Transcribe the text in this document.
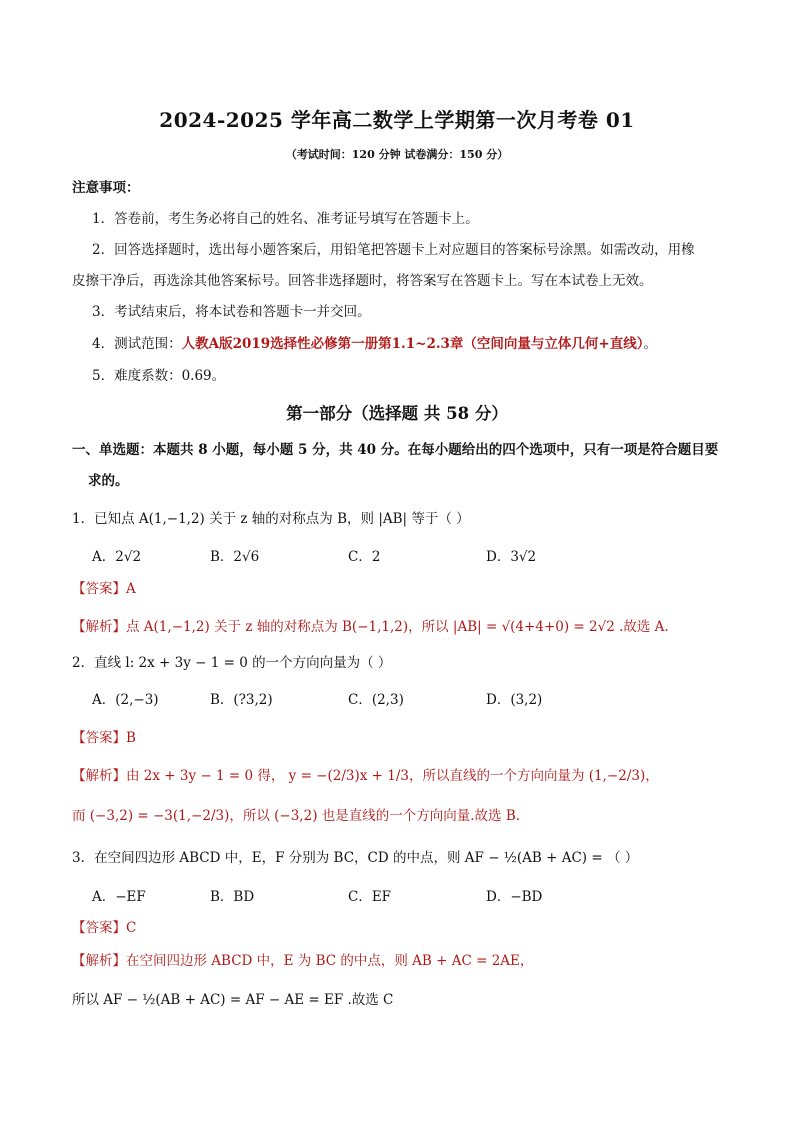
2024-2025 学年高二数学上学期第一次月考卷 01
（考试时间：120 分钟 试卷满分：150 分）
注意事项：
1．答卷前，考生务必将自己的姓名、准考证号填写在答题卡上。
2．回答选择题时，选出每小题答案后，用铅笔把答题卡上对应题目的答案标号涂黑。如需改动，用橡
皮擦干净后，再选涂其他答案标号。回答非选择题时，将答案写在答题卡上。写在本试卷上无效。
3．考试结束后，将本试卷和答题卡一并交回。
4．测试范围：人教A版2019选择性必修第一册第1.1~2.3章（空间向量与立体几何+直线）。
5．难度系数：0.69。
第一部分（选择题 共 58 分）
一、单选题：本题共 8 小题，每小题 5 分，共 40 分。在每小题给出的四个选项中，只有一项是符合题目要
求的。
1．已知点 A(1,−1,2) 关于 z 轴的对称点为 B，则 |AB| 等于（ ）
A．2√2	B．2√6	C．2	D．3√2
【答案】A
【解析】点 A(1,−1,2) 关于 z 轴的对称点为 B(−1,1,2)，所以 |AB| = √(4+4+0) = 2√2 .故选 A.
2．直线 l: 2x + 3y − 1 = 0 的一个方向向量为（ ）
A．(2,−3)	B．(?3,2)	C．(2,3)	D．(3,2)
【答案】B
【解析】由 2x + 3y − 1 = 0 得， y = −(2/3)x + 1/3，所以直线的一个方向向量为 (1,−2/3)，
而 (−3,2) = −3(1,−2/3)，所以 (−3,2) 也是直线的一个方向向量.故选 B.
3．在空间四边形 ABCD 中，E，F 分别为 BC，CD 的中点，则 AF − ½(AB + AC) = （ ）
A．−EF	B．BD	C．EF	D．−BD
【答案】C
【解析】在空间四边形 ABCD 中，E 为 BC 的中点，则 AB + AC = 2AE，
所以 AF − ½(AB + AC) = AF − AE = EF .故选 C
